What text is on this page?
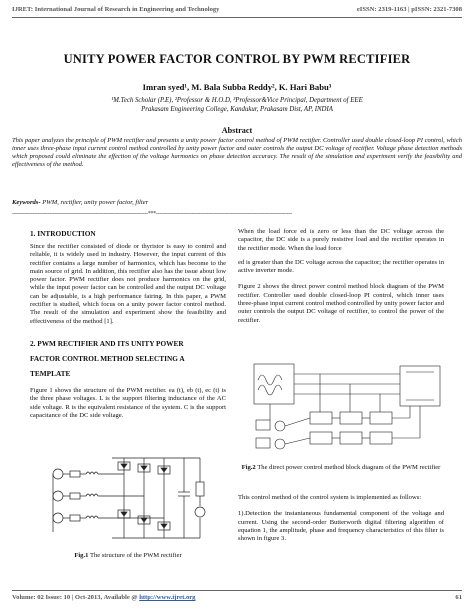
IJRET: International Journal of Research in Engineering and Technology	eISSN: 2319-1163 | pISSN: 2321-7308
UNITY POWER FACTOR CONTROL BY PWM RECTIFIER
Imran syed¹, M. Bala Subba Reddy², K. Hari Babu³
¹M.Tech Scholar (P.E), ²Professor & H.O.D, ³Professor&Vice Principal, Department of EEE
Prakasam Engineering College, Kandukur, Prakasam Dist, AP, INDIA
Abstract
This paper analyzes the principle of PWM rectifier and presents a unity power factor control method of PWM rectifier. Controller used double closed-loop PI control, which inner uses three-phase input current control method controlled by unity power factor and outer controls the output DC voltage of rectifier. Voltage phase detection methods which proposed could eliminate the effection of the voltage harmonics on phase detection accuracy. The result of the simulation and experiment verify the feasibility and effectiveness of the method.
Keywords- PWM, rectifier, unity power factor, filter
--------------------------------------------------------------------------------***--------------------------------------------------------------------------------
1. INTRODUCTION

Since the rectifier consisted of diode or thyristor is easy to control and reliable, it is widely used in industry. However, the input current of this rectifier contains a large number of harmonics, which has become to the main source of grid. In addition, this rectifier also has the issue about low power factor. PWM rectifier does not produce harmonics on the grid, while the input power factor can be controlled and the output DC voltage can be adjustable, is a high performance fairing. In this paper, a PWM rectifier is studied, which focus on a unity power factor control method. The result of the simulation and experiment show the feasibility and effectiveness of the method [1].

2. PWM RECTIFIER AND ITS UNITY POWER
FACTOR CONTROL METHOD SELECTING A
TEMPLATE

Figure 1 shows the structure of the PWM rectifier. ea (t), eb (t), ec (t) is the three phase voltages. L is the support filtering inductance of the AC side voltage. R is the equivalent resistance of the system. C is the support capacitance of the DC side voltage.

Fig.1 The structure of the PWM rectifier

When the load force ed is zero or less than the DC voltage across the capacitor, the DC side is a purely resistive load and the rectifier operates in the rectifier mode. When the load force

ed is greater than the DC voltage across the capacitor; the rectifier operates in active inverter mode.

Figure 2 shows the direct power control method block diagram of the PWM rectifier. Controller used double closed-loop PI control, which inner uses three-phase input current control method controlled by unity power factor and outer controls the output DC voltage of rectifier, to control the power of the rectifier.

Fig.2 The direct power control method block diagram of the PWM rectifier

This control method of the control system is implemented as follows:

1).Detection the instantaneous fundamental component of the voltage and current. Using the second-order Butterworth digital filtering algorithm of equation 1, the amplitude, phase and frequency characteristics of this filter is shown in figure 3.

Volume: 02 Issue: 10 | Oct-2013, Available @ http://www.ijret.org	61
